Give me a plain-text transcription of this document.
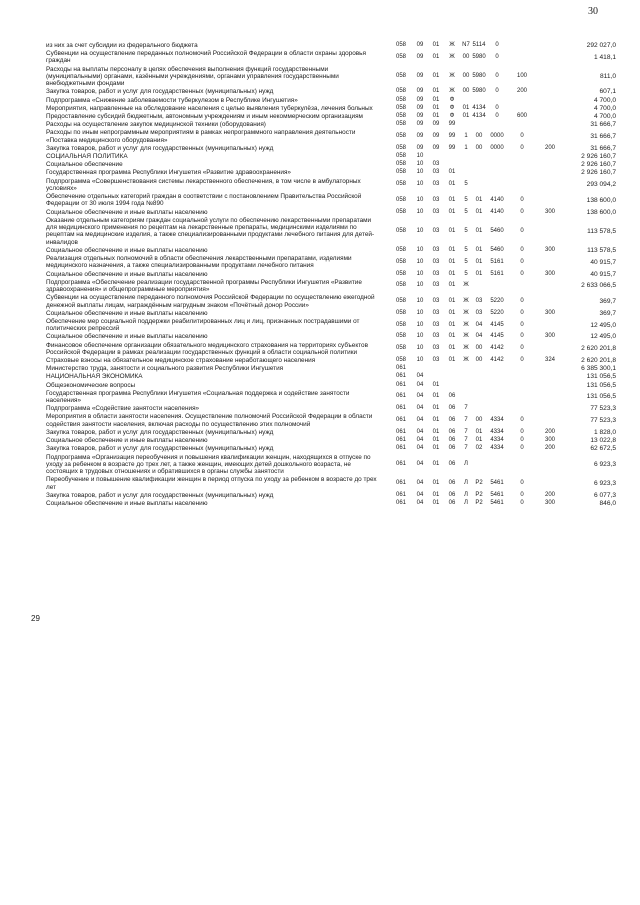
30
29
из них за счет субсидии из федерального бюджета	058	09	01	Ж	N7 5114	0	292 027,0
Субвенции на осуществление переданных полномочий Российской Федерации в области охраны здоровья граждан
058	09	01	Ж	00 5980	0	1 418,1
Расходы на выплаты персоналу в целях обеспечения выполнения функций государственными (муниципальными) органами, казёнными учреждениями, органами управления государственными внебюджетными фондами
058	09	01	Ж	00 5980	0	100	811,0
Закупка товаров, работ и услуг для государственных (муниципальных) нужд	058	09	01	Ж	00 5980	0	200	607,1
Подпрограмма «Снижение заболеваемости туберкулезом в Республике Ингушетия»	058	09	01	Ф	4 700,0
Мероприятия, направленные на обследование населения с целью выявления туберкулёза, лечения больных	058	09	01	Ф	01 4134	0	4 700,0
Предоставление субсидий бюджетным, автономным учреждениям и иным некоммерческим организациям	058	09	01	Ф	01 4134	0	600	4 700,0
Расходы на осуществление закупок медицинской техники (оборудования)	058	09	09	99	31 666,7
Расходы по иным непрограммным мероприятиям в рамках непрограммного направления деятельности «Поставка медицинского оборудования»
058	09	09	99	1	00	0000	0	31 666,7
Закупка товаров, работ и услуг для государственных (муниципальных) нужд	058	09	09	99	1	00	0000	0	200	31 666,7
СОЦИАЛЬНАЯ ПОЛИТИКА	058	10	2 926 160,7
Социальное обеспечение	058	10	03	2 926 160,7
Государственная программа Республики Ингушетия «Развитие здравоохранения»	058	10	03	01	2 926 160,7
Подпрограмма «Совершенствования системы лекарственного обеспечения, в том числе в амбулаторных условиях»
058	10	03	01	5	293 094,2
Обеспечение отдельных категорий граждан в соответствии с постановлением Правительства Российской Федерации от 30 июля 1994 года №890
058	10	03	01	5	01	4140	0	138 600,0
Социальное обеспечение и иные выплаты населению	058	10	03	01	5	01	4140	0	300	138 600,0
Оказание отдельным категориям граждан социальной услуги по обеспечению лекарственными препаратами для медицинского применения по рецептам на лекарственные препараты, медицинскими изделиями по рецептам на медицинские изделия, а также специализированными продуктами лечебного питания для детей-инвалидов
058	10	03	01	5	01	5460	0	113 578,5
Социальное обеспечение и иные выплаты населению	058	10	03	01	5	01	5460	0	300	113 578,5
Реализация отдельных полномочий в области обеспечения лекарственными препаратами, изделиями медицинского назначения, а также специализированными продуктами лечебного питания
058	10	03	01	5	01	5161	0	40 915,7
Социальное обеспечение и иные выплаты населению	058	10	03	01	5	01	5161	0	300	40 915,7
Подпрограмма «Обеспечение реализации государственной программы Республики Ингушетия «Развитие здравоохранения» и общепрограммные мероприятия»
058	10	03	01	Ж	2 633 066,5
Субвенции на осуществление переданного полномочия Российской Федерации по осуществлению ежегодной денежной выплаты лицам, награждённым нагрудным знаком «Почётный донор России»
058	10	03	01	Ж	03	5220	0	369,7
Социальное обеспечение и иные выплаты населению	058	10	03	01	Ж	03	5220	0	300	369,7
Обеспечение мер социальной поддержки реабилитированных лиц и лиц, признанных пострадавшими от политических репрессий
058	10	03	01	Ж	04	4145	0	12 495,0
Социальное обеспечение и иные выплаты населению	058	10	03	01	Ж	04	4145	0	300	12 495,0
Финансовое обеспечение организации обязательного медицинского страхования на территориях субъектов Российской Федерации в рамках реализации государственных функций в области социальной политики
058	10	03	01	Ж	00	4142	0	2 620 201,8
Страховые взносы на обязательное медицинское страхование неработающего населения	058	10	03	01	Ж	00	4142	0	324	2 620 201,8
Министерство труда, занятости и социального развития Республики Ингушетия	061	6 385 300,1
НАЦИОНАЛЬНАЯ ЭКОНОМИКА	061	04	131 056,5
Общеэкономические вопросы	061	04	01	131 056,5
Государственная программа Республики Ингушетия «Социальная поддержка и содействие занятости населения»
061	04	01	06	131 056,5
Подпрограмма «Содействие занятости населения»	061	04	01	06	7	77 523,3
Мероприятия в области занятости населения. Осуществление полномочий Российской Федерации в области содействия занятости населения, включая расходы по осуществлению этих полномочий
061	04	01	06	7	00	4334	0	77 523,3
Закупка товаров, работ и услуг для государственных (муниципальных) нужд	061	04	01	06	7	01	4334	0	200	1 828,0
Социальное обеспечение и иные выплаты населению	061	04	01	06	7	01	4334	0	300	13 022,8
Закупка товаров, работ и услуг для государственных (муниципальных) нужд	061	04	01	06	7	02	4334	0	200	62 672,5
Подпрограмма «Организация переобучения и повышения квалификации женщин, находящихся в отпуске по уходу за ребенком в возрасте до трех лет, а также женщин, имеющих детей дошкольного возраста, не состоящих в трудовых отношениях и обратившихся в органы службы занятости
061	04	01	06	Л	6 923,3
Переобучение и повышение квалификации женщин в период отпуска по уходу за ребенком в возрасте до трех лет
061	04	01	06	Л	P2	5461	0	6 923,3
Закупка товаров, работ и услуг для государственных (муниципальных) нужд	061	04	01	06	Л	P2	5461	0	200	6 077,3
Социальное обеспечение и иные выплаты населению	061	04	01	06	Л	P2	5461	0	300	846,0
